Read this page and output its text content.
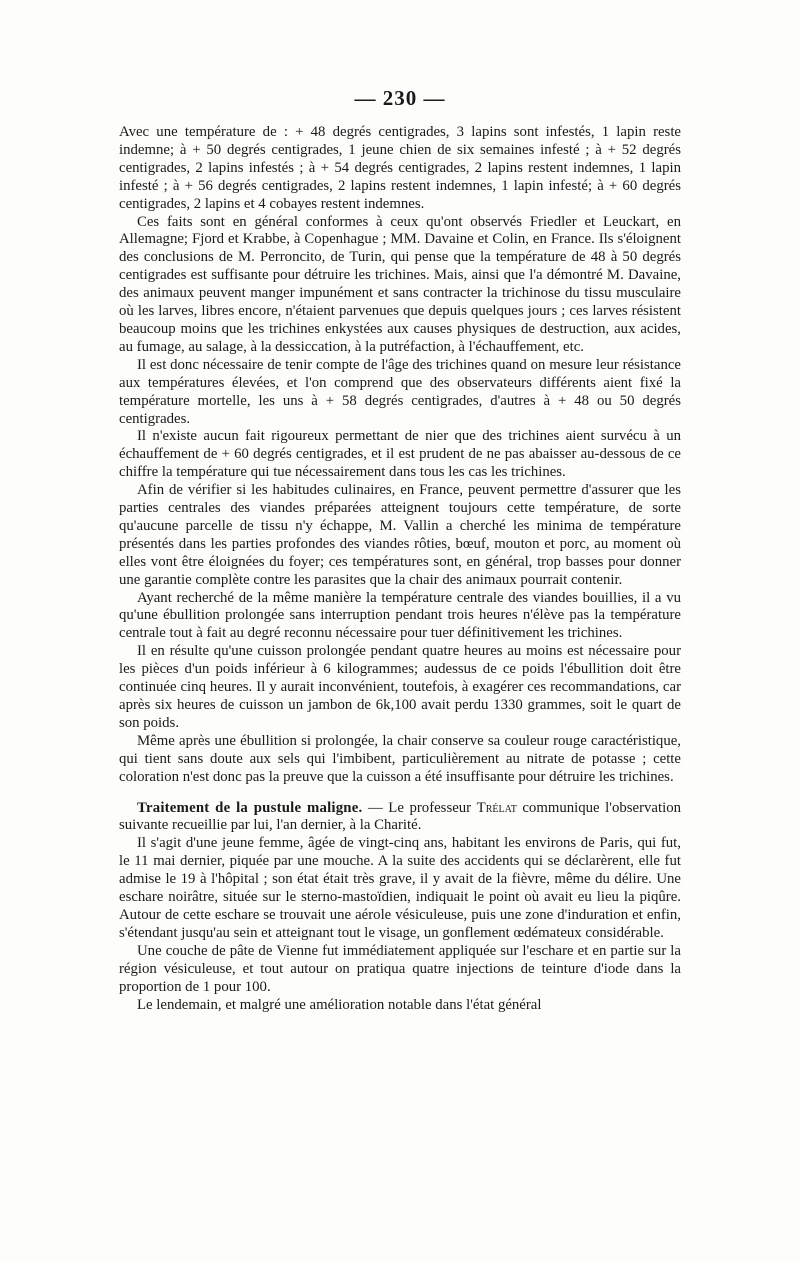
— 230 —

Avec une température de : + 48 degrés centigrades, 3 lapins sont infestés, 1 lapin reste indemne; à + 50 degrés centigrades, 1 jeune chien de six semaines infesté ; à + 52 degrés centigrades, 2 lapins infestés ; à + 54 degrés centigrades, 2 lapins restent indemnes, 1 lapin infesté ; à + 56 degrés centigrades, 2 lapins restent indemnes, 1 lapin infesté; à + 60 degrés centigrades, 2 lapins et 4 cobayes restent indemnes.

Ces faits sont en général conformes à ceux qu'ont observés Friedler et Leuckart, en Allemagne; Fjord et Krabbe, à Copenhague ; MM. Davaine et Colin, en France. Ils s'éloignent des conclusions de M. Perroncito, de Turin, qui pense que la température de 48 à 50 degrés centigrades est suffisante pour détruire les trichines. Mais, ainsi que l'a démontré M. Davaine, des animaux peuvent manger impunément et sans contracter la trichinose du tissu musculaire où les larves, libres encore, n'étaient parvenues que depuis quelques jours ; ces larves résistent beaucoup moins que les trichines enkystées aux causes physiques de destruction, aux acides, au fumage, au salage, à la dessiccation, à la putréfaction, à l'échauffement, etc.

Il est donc nécessaire de tenir compte de l'âge des trichines quand on mesure leur résistance aux températures élevées, et l'on comprend que des observateurs différents aient fixé la température mortelle, les uns à + 58 degrés centigrades, d'autres à + 48 ou 50 degrés centigrades.

Il n'existe aucun fait rigoureux permettant de nier que des trichines aient survécu à un échauffement de + 60 degrés centigrades, et il est prudent de ne pas abaisser au-dessous de ce chiffre la température qui tue nécessairement dans tous les cas les trichines.

Afin de vérifier si les habitudes culinaires, en France, peuvent permettre d'assurer que les parties centrales des viandes préparées atteignent toujours cette température, de sorte qu'aucune parcelle de tissu n'y échappe, M. Vallin a cherché les minima de température présentés dans les parties profondes des viandes rôties, bœuf, mouton et porc, au moment où elles vont être éloignées du foyer; ces températures sont, en général, trop basses pour donner une garantie complète contre les parasites que la chair des animaux pourrait contenir.

Ayant recherché de la même manière la température centrale des viandes bouillies, il a vu qu'une ébullition prolongée sans interruption pendant trois heures n'élève pas la température centrale tout à fait au degré reconnu nécessaire pour tuer définitivement les trichines.

Il en résulte qu'une cuisson prolongée pendant quatre heures au moins est nécessaire pour les pièces d'un poids inférieur à 6 kilogrammes; audessus de ce poids l'ébullition doit être continuée cinq heures. Il y aurait inconvénient, toutefois, à exagérer ces recommandations, car après six heures de cuisson un jambon de 6k,100 avait perdu 1330 grammes, soit le quart de son poids.

Même après une ébullition si prolongée, la chair conserve sa couleur rouge caractéristique, qui tient sans doute aux sels qui l'imbibent, particulièrement au nitrate de potasse ; cette coloration n'est donc pas la preuve que la cuisson a été insuffisante pour détruire les trichines.

Traitement de la pustule maligne. — Le professeur Trélat communique l'observation suivante recueillie par lui, l'an dernier, à la Charité.

Il s'agit d'une jeune femme, âgée de vingt-cinq ans, habitant les environs de Paris, qui fut, le 11 mai dernier, piquée par une mouche. A la suite des accidents qui se déclarèrent, elle fut admise le 19 à l'hôpital ; son état était très grave, il y avait de la fièvre, même du délire. Une eschare noirâtre, située sur le sterno-mastoïdien, indiquait le point où avait eu lieu la piqûre. Autour de cette eschare se trouvait une aérole vésiculeuse, puis une zone d'induration et enfin, s'étendant jusqu'au sein et atteignant tout le visage, un gonflement œdémateux considérable.

Une couche de pâte de Vienne fut immédiatement appliquée sur l'eschare et en partie sur la région vésiculeuse, et tout autour on pratiqua quatre injections de teinture d'iode dans la proportion de 1 pour 100.

Le lendemain, et malgré une amélioration notable dans l'état général
